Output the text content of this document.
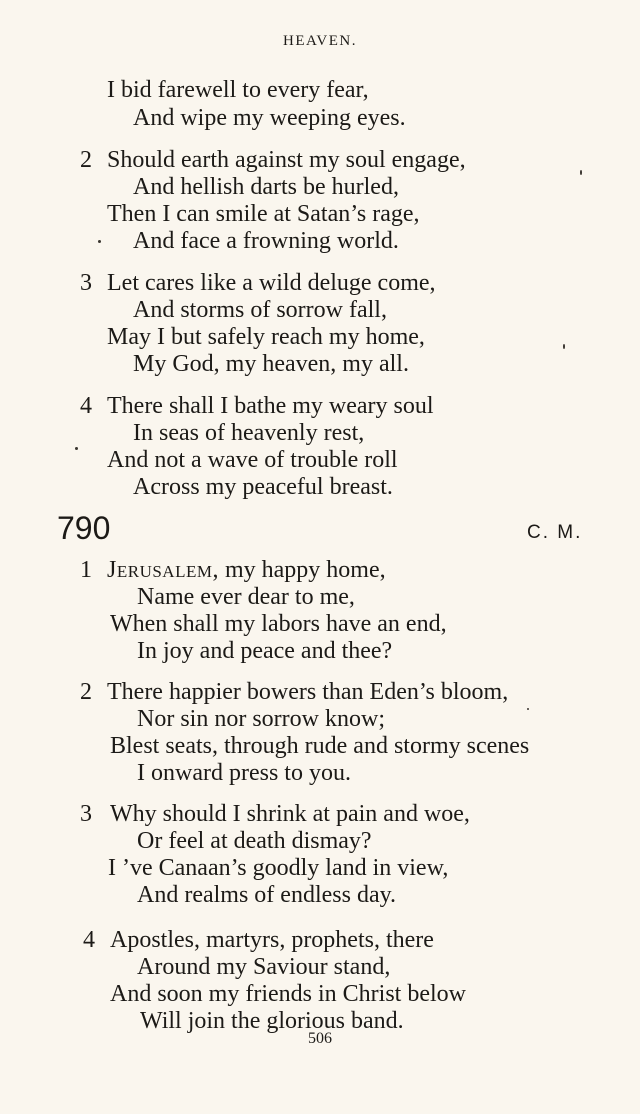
HEAVEN.
I bid farewell to every fear,
And wipe my weeping eyes.
2 Should earth against my soul engage,
And hellish darts be hurled,
Then I can smile at Satan’s rage,
And face a frowning world.
3 Let cares like a wild deluge come,
And storms of sorrow fall,
May I but safely reach my home,
My God, my heaven, my all.
4 There shall I bathe my weary soul
In seas of heavenly rest,
And not a wave of trouble roll
Across my peaceful breast.
790	C. M.
1 Jerusalem, my happy home,
Name ever dear to me,
When shall my labors have an end,
In joy and peace and thee?
2 There happier bowers than Eden’s bloom,
Nor sin nor sorrow know;
Blest seats, through rude and stormy scenes
I onward press to you.
3 Why should I shrink at pain and woe,
Or feel at death dismay?
I ’ve Canaan’s goodly land in view,
And realms of endless day.
4 Apostles, martyrs, prophets, there
Around my Saviour stand,
And soon my friends in Christ below
Will join the glorious band.
506
